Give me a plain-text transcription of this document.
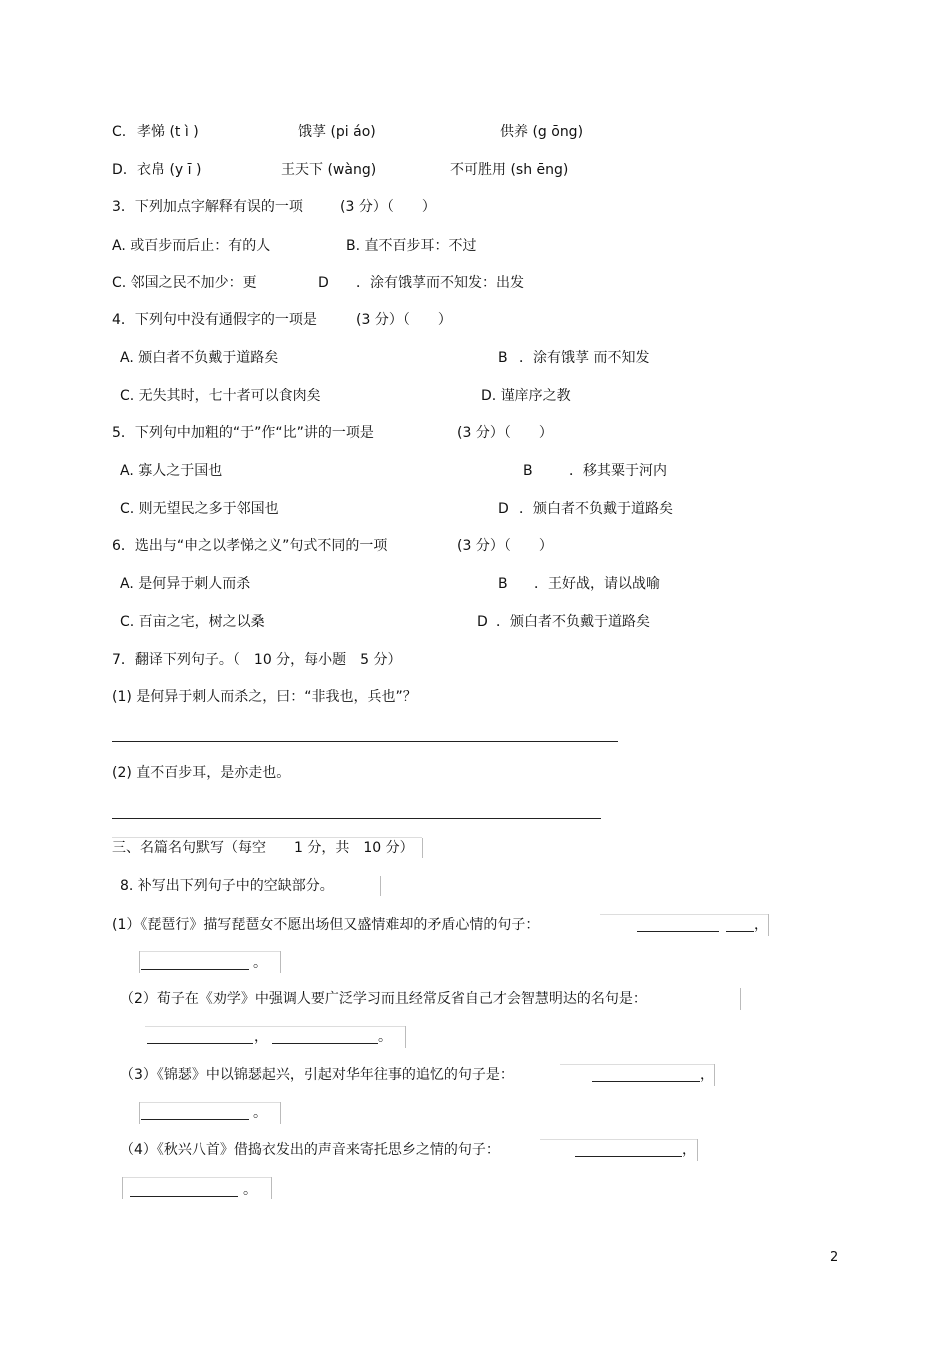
C. 孝悌 (t ì )	饿莩 (pi áo)	供养 (g ōng)
D. 衣帛 (y ī )	王天下 (wàng)	不可胜用 (sh ēng)
3．下列加点字解释有误的一项	(3 分）（　　）
A. 或百步而后止：有的人	B. 直不百步耳：不过
C. 邻国之民不加少：更	D ．涂有饿莩而不知发：出发
4．下列句中没有通假字的一项是	(3 分）（　　）
A. 颁白者不负戴于道路矣	B ．涂有饿莩 而不知发
C. 无失其时，七十者可以食肉矣	D. 谨庠序之教
5．下列句中加粗的“于”作“比”讲的一项是	(3 分）（　　）
A. 寡人之于国也	B	．移其粟于河内
C. 则无望民之多于邻国也	D ．颁白者不负戴于道路矣
6．选出与“申之以孝悌之义”句式不同的一项	(3 分）（　　）
A. 是何异于刺人而杀	B ．王好战，请以战喻
C. 百亩之宅，树之以桑	D ．颁白者不负戴于道路矣
7．翻译下列句子。（　10 分，每小题　5 分）
(1) 是何异于刺人而杀之，曰：“非我也，兵也”？
(2) 直不百步耳，是亦走也。
三、名篇名句默写（每空　　1 分，共　10 分）
8. 补写出下列句子中的空缺部分。
(1）《琵琶行》描写琵琶女不愿出场但又盛情难却的矛盾心情的句子：	，
。
（2）荀子在《劝学》中强调人要广泛学习而且经常反省自己才会智慧明达的名句是：
，	。
（3）《锦瑟》中以锦瑟起兴，引起对华年往事的追忆的句子是：	，
。
（4）《秋兴八首》借捣衣发出的声音来寄托思乡之情的句子：	，
。
2
